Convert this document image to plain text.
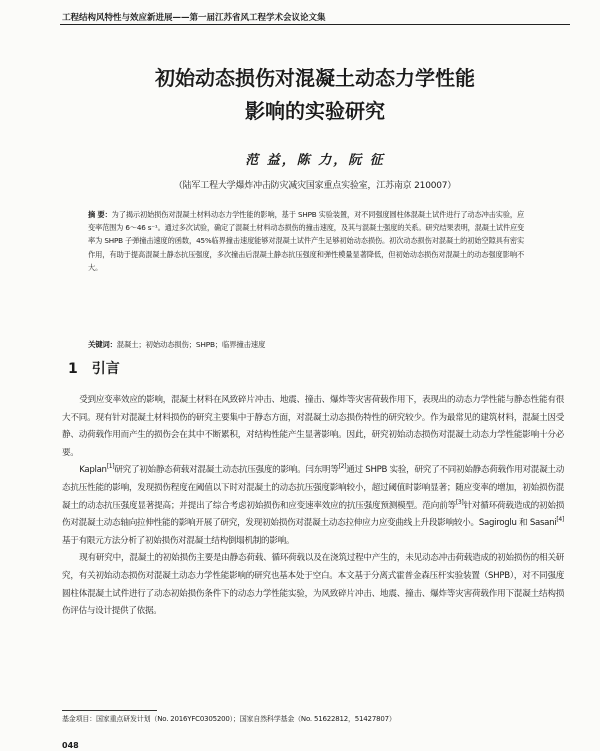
工程结构风特性与效应新进展——第一届江苏省风工程学术会议论文集
初始动态损伤对混凝土动态力学性能
影响的实验研究
范 益，陈 力，阮 征
（陆军工程大学爆炸冲击防灾减灾国家重点实验室，江苏南京 210007）
摘 要：为了揭示初始损伤对混凝土材料动态力学性能的影响，基于 SHPB 实验装置，对不同强度圆柱体混凝土试件进行了动态冲击实验，应变率范围为 6～46 s⁻¹。通过多次试验，确定了混凝土材料动态损伤的撞击速度，及其与混凝土强度的关系。研究结果表明，混凝土试件应变率为 SHPB 子弹撞击速度的函数，45%临界撞击速度能够对混凝土试件产生足够初始动态损伤。初次动态损伤对混凝土的初始空隙具有密实作用，有助于提高混凝土静态抗压强度，多次撞击后混凝土静态抗压强度和弹性模量显著降低，但初始动态损伤对混凝土的动态强度影响不大。
关键词：混凝土；初始动态损伤；SHPB；临界撞击速度
1 引言

受到应变率效应的影响，混凝土材料在风致碎片冲击、地震、撞击、爆炸等灾害荷载作用下，表现出的动态力学性能与静态性能有很大不同。现有针对混凝土材料损伤的研究主要集中于静态方面，对混凝土动态损伤特性的研究较少。作为最常见的建筑材料，混凝土因受静、动荷载作用而产生的损伤会在其中不断累积，对结构性能产生显著影响。因此，研究初始动态损伤对混凝土动态力学性能影响十分必要。

Kaplan[1]研究了初始静态荷载对混凝土动态抗压强度的影响。闫东明等[2]通过 SHPB 实验，研究了不同初始静态荷载作用对混凝土动态抗压性能的影响，发现损伤程度在阈值以下时对混凝土的动态抗压强度影响较小，超过阈值时影响显著；随应变率的增加，初始损伤混凝土的动态抗压强度显著提高；并提出了综合考虑初始损伤和应变速率效应的抗压强度预测模型。范向前等[3]针对循环荷载造成的初始损伤对混凝土动态轴向拉伸性能的影响开展了研究，发现初始损伤对混凝土动态拉伸应力应变曲线上升段影响较小。Sagiroglu 和 Sasani[4]基于有限元方法分析了初始损伤对混凝土结构倒塌机制的影响。

现有研究中，混凝土的初始损伤主要是由静态荷载、循环荷载以及在浇筑过程中产生的，未见动态冲击荷载造成的初始损伤的相关研究，有关初始动态损伤对混凝土动态力学性能影响的研究也基本处于空白。本文基于分离式霍普金森压杆实验装置（SHPB），对不同强度圆柱体混凝土试件进行了动态初始损伤条件下的动态力学性能实验，为风致碎片冲击、地震、撞击、爆炸等灾害荷载作用下混凝土结构损伤评估与设计提供了依据。

基金项目：国家重点研发计划（No. 2016YFC0305200）；国家自然科学基金（No. 51622812，51427807）
048
